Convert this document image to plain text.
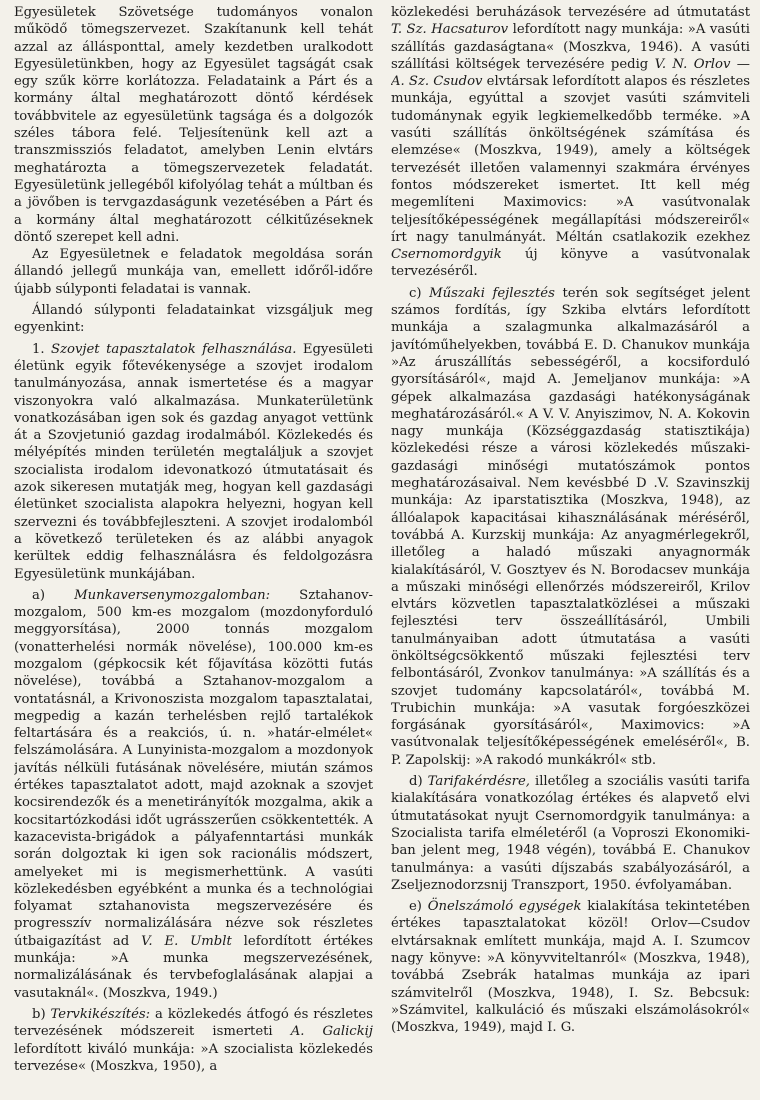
Egyesületek Szövetsége tudományos vonalon működő tömegszervezet. Szakítanunk kell tehát azzal az állásponttal, amely kezdetben uralkodott Egyesületünkben, hogy az Egyesület tagságát csak egy szűk körre korlátozza. Feladataink a Párt és a kormány által meghatározott döntő kérdések továbbvitele az egyesületünk tagsága és a dolgozók széles tábora felé. Teljesítenünk kell azt a transzmissziós feladatot, amelyben Lenin elvtárs meghatározta a tömegszervezetek feladatát. Egyesületünk jellegéből kifolyólag tehát a múltban és a jövőben is tervgazdaságunk vezetésében a Párt és a kormány által meghatározott célkitűzéseknek döntő szerepet kell adni.

Az Egyesületnek e feladatok megoldása során állandó jellegű munkája van, emellett időről-időre újabb súlyponti feladatai is vannak.

Állandó súlyponti feladatainkat vizsgáljuk meg egyenkint:

1. Szovjet tapasztalatok felhasználása. Egyesületi életünk egyik főtevékenysége a szovjet irodalom tanulmányozása, annak ismertetése és a magyar viszonyokra való alkalmazása. Munkaterületünk vonatkozásában igen sok és gazdag anyagot vettünk át a Szovjetunió gazdag irodalmából. Közlekedés és mélyépítés minden területén megtaláljuk a szovjet szocialista irodalom idevonatkozó útmutatásait és azok sikeresen mutatják meg, hogyan kell gazdasági életünket szocialista alapokra helyezni, hogyan kell szervezni és továbbfejleszteni. A szovjet irodalomból a következő területeken és az alábbi anyagok kerültek eddig felhasználásra és feldolgozásra Egyesületünk munkájában.

a) Munkaversenymozgalomban: Sztahanov-mozgalom, 500 km-es mozgalom (mozdonyforduló meggyorsítása), 2000 tonnás mozgalom (vonatterhelési normák növelése), 100.000 km-es mozgalom (gépkocsik két főjavítása közötti futás növelése), továbbá a Sztahanov-mozgalom a vontatásnál, a Krivonoszista mozgalom tapasztalatai, megpedig a kazán terhelésben rejlő tartalékok feltartására és a reakciós, ú. n. »határ-elmélet« felszámolására. A Lunyinista-mozgalom a mozdonyok javítás nélküli futásának növelésére, miután számos értékes tapasztalatot adott, majd azoknak a szovjet kocsirendezők és a menetirányítók mozgalma, akik a kocsitartózkodási időt ugrásszerűen csökkentették. A kazacevista-brigádok a pályafenntartási munkák során dolgoztak ki igen sok racionális módszert, amelyeket mi is megismerhettünk. A vasúti közlekedésben egyébként a munka és a technológiai folyamat sztahanovista megszervezésére és progresszív normalizálására nézve sok részletes útbaigazítást ad V. E. Umblt lefordított értékes munkája: »A munka megszervezésének, normalizálásának és tervbefoglalásának alapjai a vasutaknál«. (Moszkva, 1949.)

b) Tervkikészítés: a közlekedés átfogó és részletes tervezésének módszereit ismerteti A. Galickij lefordított kiváló munkája: »A szocialista közlekedés tervezése« (Moszkva, 1950), a

közlekedési beruházások tervezésére ad útmutatást T. Sz. Hacsaturov lefordított nagy munkája: »A vasúti szállítás gazdaságtana« (Moszkva, 1946). A vasúti szállítási költségek tervezésére pedig V. N. Orlov — A. Sz. Csudov elvtársak lefordított alapos és részletes munkája, egyúttal a szovjet vasúti számviteli tudománynak egyik legkiemelkedőbb terméke. »A vasúti szállítás önköltségének számítása és elemzése« (Moszkva, 1949), amely a költségek tervezését illetően valamennyi szakmára érvényes fontos módszereket ismertet. Itt kell még megemlíteni Maximovics: »A vasútvonalak teljesítőképességének megállapítási módszereiről« írt nagy tanulmányát. Méltán csatlakozik ezekhez Csernomordgyik új könyve a vasútvonalak tervezéséről.

c) Műszaki fejlesztés terén sok segítséget jelent számos fordítás, így Szkiba elvtárs lefordított munkája a szalagmunka alkalmazásáról a javítóműhelyekben, továbbá E. D. Chanukov munkája »Az áruszállítás sebességéről, a kocsiforduló gyorsításáról«, majd A. Jemeljanov munkája: »A gépek alkalmazása gazdasági hatékonyságának meghatározásáról.« A V. V. Anyiszimov, N. A. Kokovin nagy munkája (Községgazdaság statisztikája) közlekedési része a városi közlekedés műszaki-gazdasági minőségi mutatószámok pontos meghatározásaival. Nem kevésbbé D .V. Szavinszkij munkája: Az iparstatisztika (Moszkva, 1948), az állóalapok kapacitásai kihasználásának méréséről, továbbá A. Kurzskij munkája: Az anyagmérlegekről, illetőleg a haladó műszaki anyagnormák kialakításáról, V. Gosztyev és N. Borodacsev munkája a műszaki minőségi ellenőrzés módszereiről, Krilov elvtárs közvetlen tapasztalatközlései a műszaki fejlesztési terv összeállításáról, Umbili tanulmányaiban adott útmutatása a vasúti önköltségcsökkentő műszaki fejlesztési terv felbontásáról, Zvonkov tanulmánya: »A szállítás és a szovjet tudomány kapcsolatáról«, továbbá M. Trubichin munkája: »A vasutak forgóeszközei forgásának gyorsításáról«, Maximovics: »A vasútvonalak teljesítőképességének emeléséről«, B. P. Zapolskij: »A rakodó munkákról« stb.

d) Tarifakérdésre, illetőleg a szociális vasúti tarifa kialakítására vonatkozólag értékes és alapvető elvi útmutatásokat nyujt Csernomordgyik tanulmánya: a Szocialista tarifa elméletéről (a Voproszi Ekonomiki-ban jelent meg, 1948 végén), továbbá E. Chanukov tanulmánya: a vasúti díjszabás szabályozásáról, a Zseljeznodorzsnij Transzport, 1950. évfolyamában.

e) Önelszámoló egységek kialakítása tekintetében értékes tapasztalatokat közöl! Orlov—Csudov elvtársaknak említett munkája, majd A. I. Szumcov nagy könyve: »A könyvviteltanról« (Moszkva, 1948), továbbá Zsebrák hatalmas munkája az ipari számvitelről (Moszkva, 1948), I. Sz. Bebcsuk: »Számvitel, kalkuláció és műszaki elszámolásokról« (Moszkva, 1949), majd I. G.
